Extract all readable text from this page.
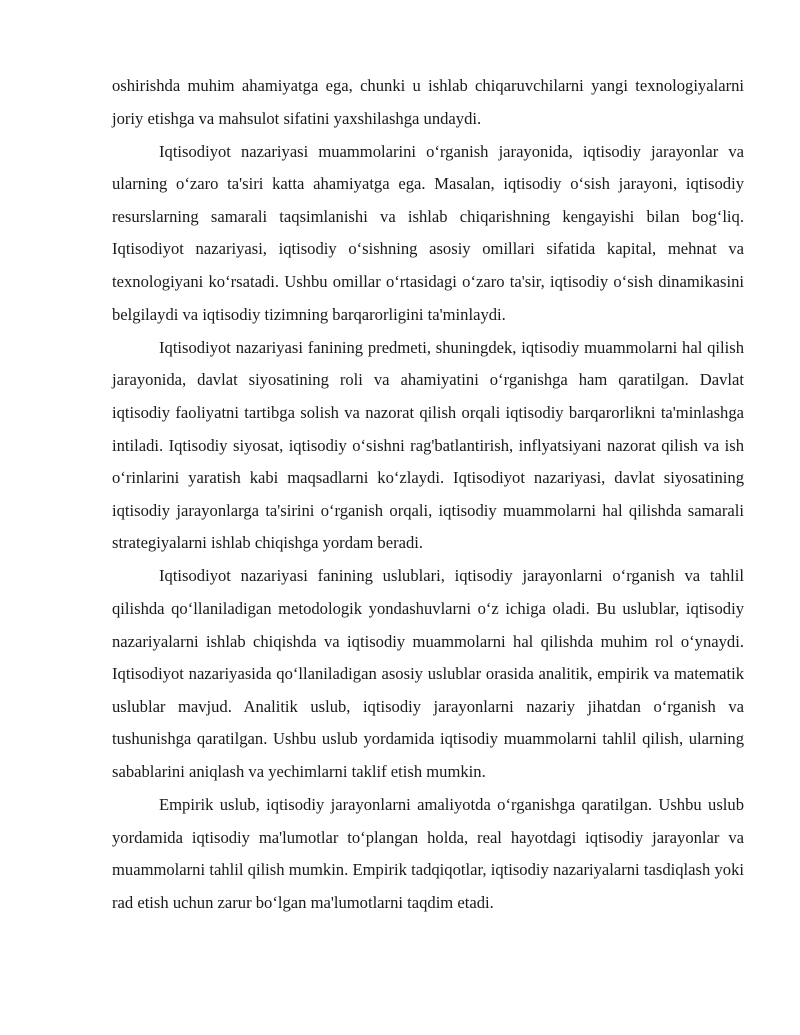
oshirishda muhim ahamiyatga ega, chunki u ishlab chiqaruvchilarni yangi texnologiyalarni joriy etishga va mahsulot sifatini yaxshilashga undaydi.

Iqtisodiyot nazariyasi muammolarini oʻrganish jarayonida, iqtisodiy jarayonlar va ularning oʻzaro ta'siri katta ahamiyatga ega. Masalan, iqtisodiy oʻsish jarayoni, iqtisodiy resurslarning samarali taqsimlanishi va ishlab chiqarishning kengayishi bilan bogʻliq. Iqtisodiyot nazariyasi, iqtisodiy oʻsishning asosiy omillari sifatida kapital, mehnat va texnologiyani koʻrsatadi. Ushbu omillar oʻrtasidagi oʻzaro ta'sir, iqtisodiy oʻsish dinamikasini belgilaydi va iqtisodiy tizimning barqarorligini ta'minlaydi.

Iqtisodiyot nazariyasi fanining predmeti, shuningdek, iqtisodiy muammolarni hal qilish jarayonida, davlat siyosatining roli va ahamiyatini oʻrganishga ham qaratilgan. Davlat iqtisodiy faoliyatni tartibga solish va nazorat qilish orqali iqtisodiy barqarorlikni ta'minlashga intiladi. Iqtisodiy siyosat, iqtisodiy oʻsishni rag'batlantirish, inflyatsiyani nazorat qilish va ish oʻrinlarini yaratish kabi maqsadlarni koʻzlaydi. Iqtisodiyot nazariyasi, davlat siyosatining iqtisodiy jarayonlarga ta'sirini oʻrganish orqali, iqtisodiy muammolarni hal qilishda samarali strategiyalarni ishlab chiqishga yordam beradi.

Iqtisodiyot nazariyasi fanining uslublari, iqtisodiy jarayonlarni oʻrganish va tahlil qilishda qoʻllaniladigan metodologik yondashuvlarni oʻz ichiga oladi. Bu uslublar, iqtisodiy nazariyalarni ishlab chiqishda va iqtisodiy muammolarni hal qilishda muhim rol oʻynaydi. Iqtisodiyot nazariyasida qoʻllaniladigan asosiy uslublar orasida analitik, empirik va matematik uslublar mavjud. Analitik uslub, iqtisodiy jarayonlarni nazariy jihatdan oʻrganish va tushunishga qaratilgan. Ushbu uslub yordamida iqtisodiy muammolarni tahlil qilish, ularning sabablarini aniqlash va yechimlarni taklif etish mumkin.

Empirik uslub, iqtisodiy jarayonlarni amaliyotda oʻrganishga qaratilgan. Ushbu uslub yordamida iqtisodiy ma'lumotlar toʻplangan holda, real hayotdagi iqtisodiy jarayonlar va muammolarni tahlil qilish mumkin. Empirik tadqiqotlar, iqtisodiy nazariyalarni tasdiqlash yoki rad etish uchun zarur boʻlgan ma'lumotlarni taqdim etadi.
